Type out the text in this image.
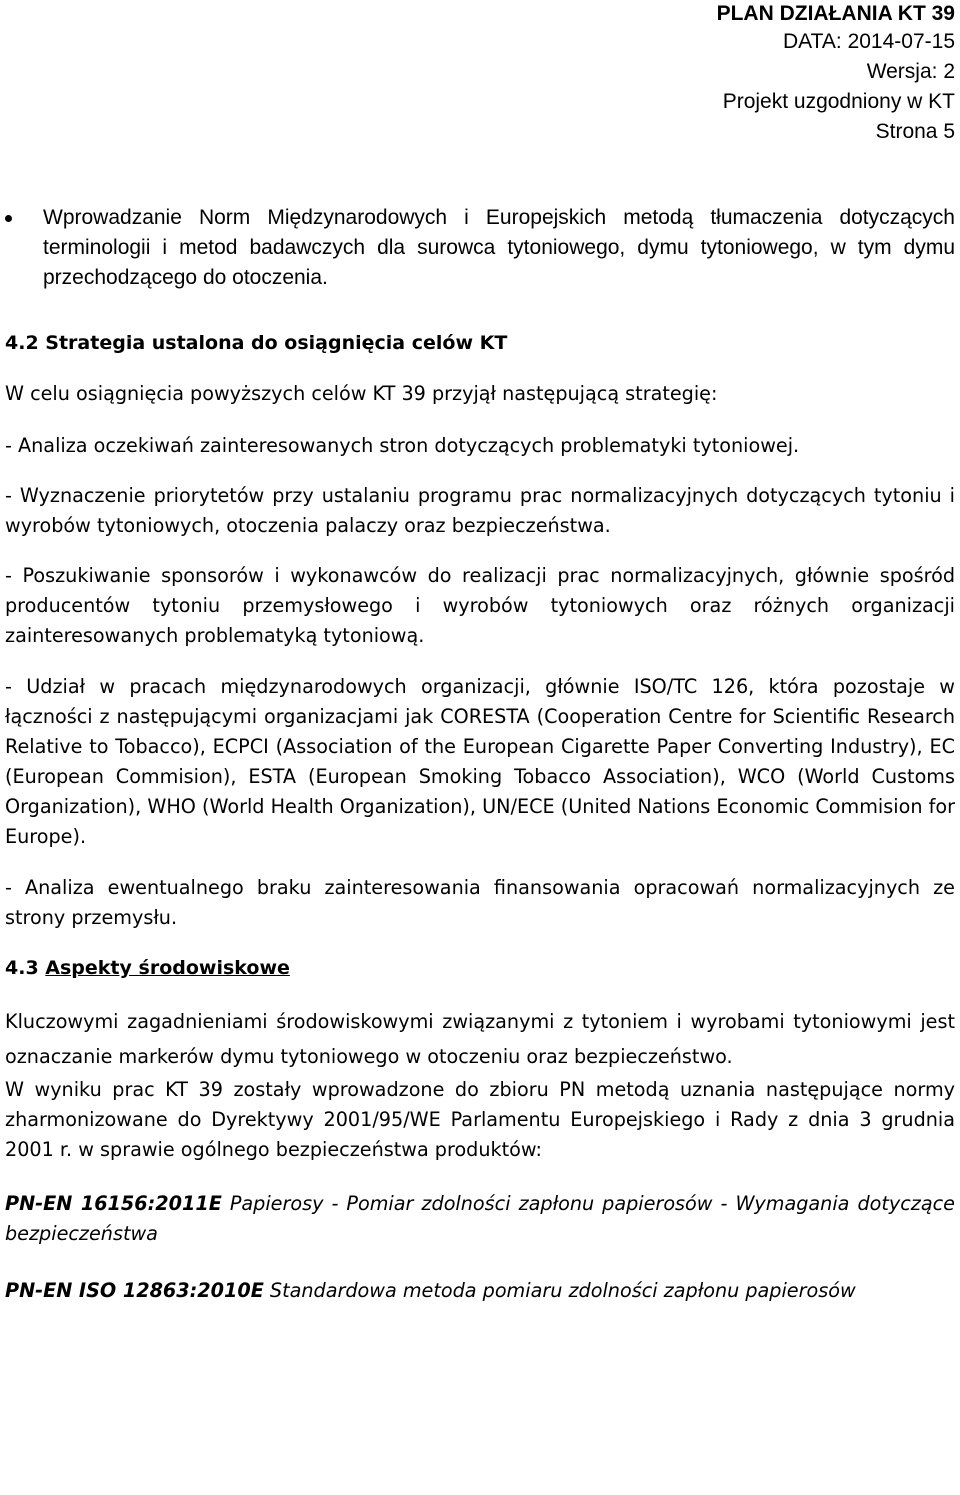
PLAN DZIAŁANIA KT 39
DATA: 2014-07-15
Wersja: 2
Projekt uzgodniony w KT
Strona 5
Wprowadzanie Norm Międzynarodowych i Europejskich metodą tłumaczenia dotyczących terminologii i metod badawczych dla surowca tytoniowego, dymu tytoniowego, w tym dymu przechodzącego do otoczenia.
4.2 Strategia ustalona do osiągnięcia celów KT

W celu osiągnięcia powyższych celów KT 39 przyjął następującą strategię:

- Analiza oczekiwań zainteresowanych stron dotyczących problematyki tytoniowej.

- Wyznaczenie priorytetów przy ustalaniu programu prac normalizacyjnych dotyczących tytoniu i wyrobów tytoniowych, otoczenia palaczy oraz bezpieczeństwa.

- Poszukiwanie sponsorów i wykonawców do realizacji prac normalizacyjnych, głównie spośród producentów tytoniu przemysłowego i wyrobów tytoniowych oraz różnych organizacji zainteresowanych problematyką tytoniową.

- Udział w pracach międzynarodowych organizacji, głównie ISO/TC 126, która pozostaje w łączności z następującymi organizacjami jak CORESTA (Cooperation Centre for Scientific Research Relative to Tobacco), ECPCI (Association of the European Cigarette Paper Converting Industry), EC (European Commision), ESTA (European Smoking Tobacco Association), WCO (World Customs Organization), WHO (World Health Organization), UN/ECE (United Nations Economic Commision for Europe).

- Analiza ewentualnego braku zainteresowania finansowania opracowań normalizacyjnych ze strony przemysłu.

4.3 Aspekty środowiskowe

Kluczowymi zagadnieniami środowiskowymi związanymi z tytoniem i wyrobami tytoniowymi jest oznaczanie markerów dymu tytoniowego w otoczeniu oraz bezpieczeństwo.

W wyniku prac KT 39 zostały wprowadzone do zbioru PN metodą uznania następujące normy zharmonizowane do Dyrektywy 2001/95/WE Parlamentu Europejskiego i Rady z dnia 3 grudnia 2001 r. w sprawie ogólnego bezpieczeństwa produktów:

PN-EN 16156:2011E Papierosy - Pomiar zdolności zapłonu papierosów - Wymagania dotyczące bezpieczeństwa
PN-EN ISO 12863:2010E Standardowa metoda pomiaru zdolności zapłonu papierosów
